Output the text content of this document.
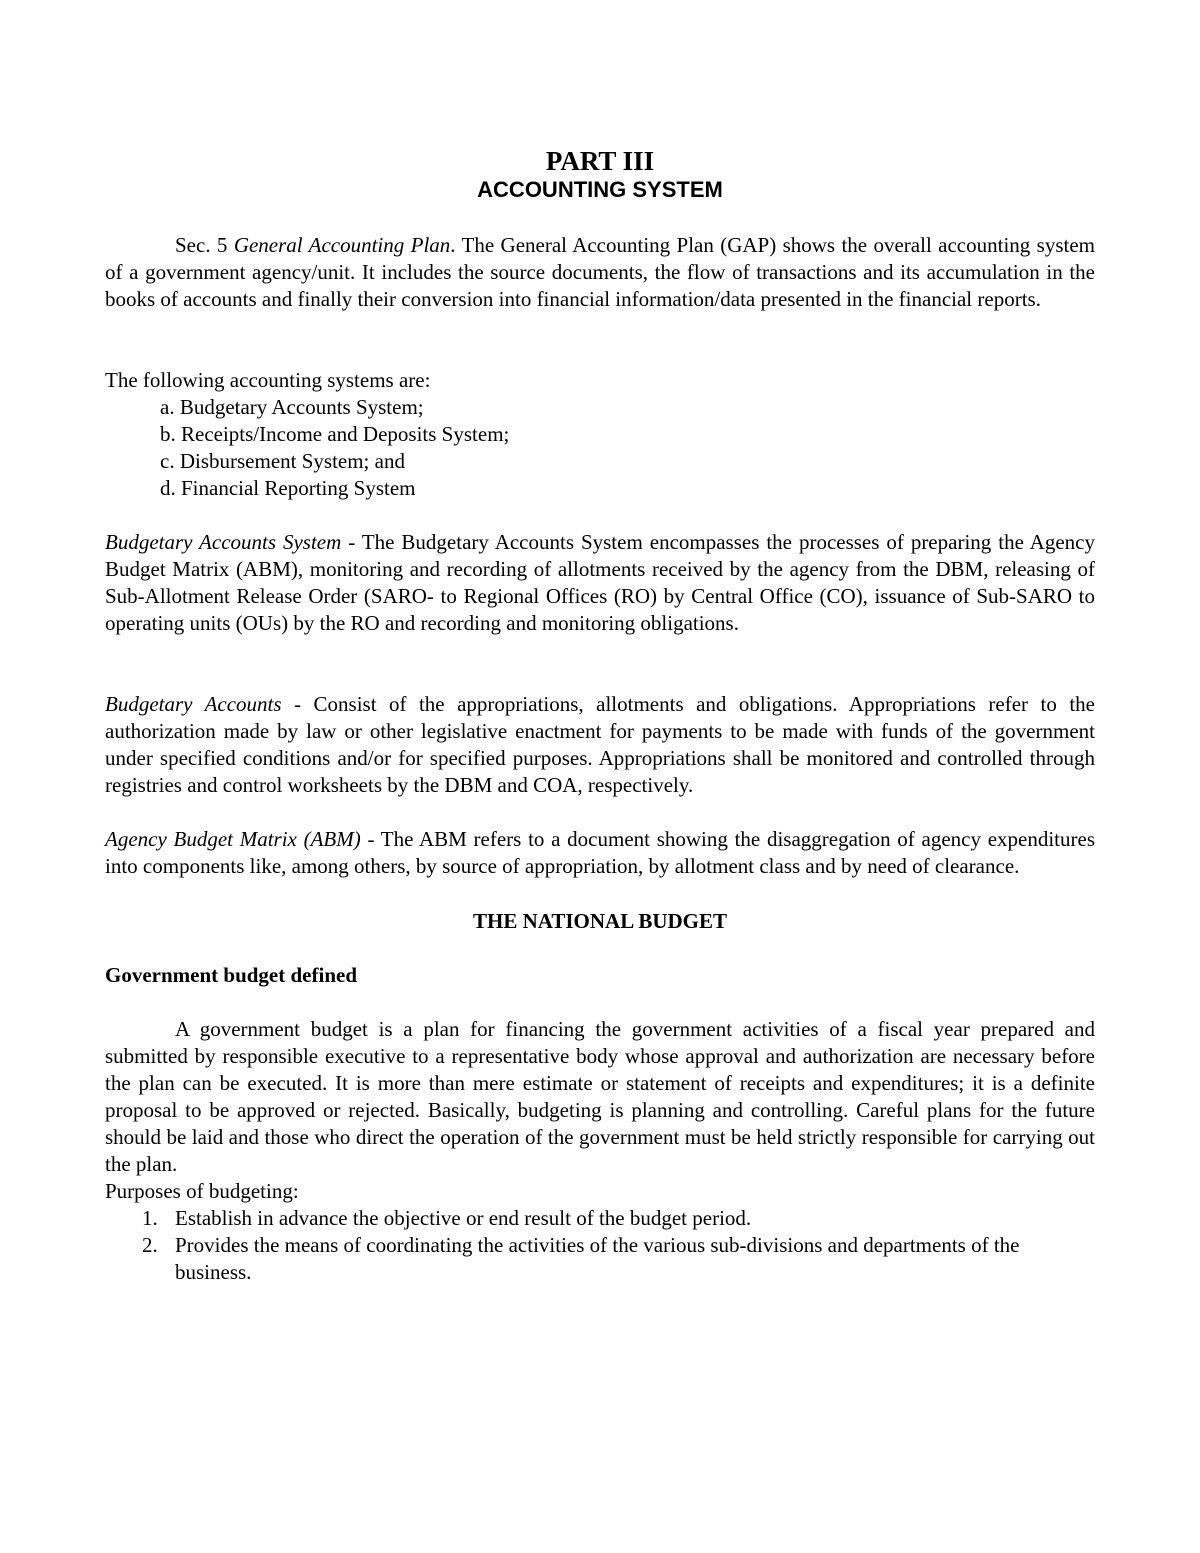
PART III
ACCOUNTING SYSTEM
Sec. 5 General Accounting Plan. The General Accounting Plan (GAP) shows the overall accounting system of a government agency/unit. It includes the source documents, the flow of transactions and its accumulation in the books of accounts and finally their conversion into financial information/data presented in the financial reports.
The following accounting systems are:
a. Budgetary Accounts System;
b. Receipts/Income and Deposits System;
c. Disbursement System; and
d. Financial Reporting System
Budgetary Accounts System - The Budgetary Accounts System encompasses the processes of preparing the Agency Budget Matrix (ABM), monitoring and recording of allotments received by the agency from the DBM, releasing of Sub-Allotment Release Order (SARO- to Regional Offices (RO) by Central Office (CO), issuance of Sub-SARO to operating units (OUs) by the RO and recording and monitoring obligations.
Budgetary Accounts - Consist of the appropriations, allotments and obligations. Appropriations refer to the authorization made by law or other legislative enactment for payments to be made with funds of the government under specified conditions and/or for specified purposes. Appropriations shall be monitored and controlled through registries and control worksheets by the DBM and COA, respectively.
Agency Budget Matrix (ABM) - The ABM refers to a document showing the disaggregation of agency expenditures into components like, among others, by source of appropriation, by allotment class and by need of clearance.
THE NATIONAL BUDGET
Government budget defined
A government budget is a plan for financing the government activities of a fiscal year prepared and submitted by responsible executive to a representative body whose approval and authorization are necessary before the plan can be executed. It is more than mere estimate or statement of receipts and expenditures; it is a definite proposal to be approved or rejected. Basically, budgeting is planning and controlling. Careful plans for the future should be laid and those who direct the operation of the government must be held strictly responsible for carrying out the plan.
Purposes of budgeting:
1. Establish in advance the objective or end result of the budget period.
2. Provides the means of coordinating the activities of the various sub-divisions and departments of the business.
